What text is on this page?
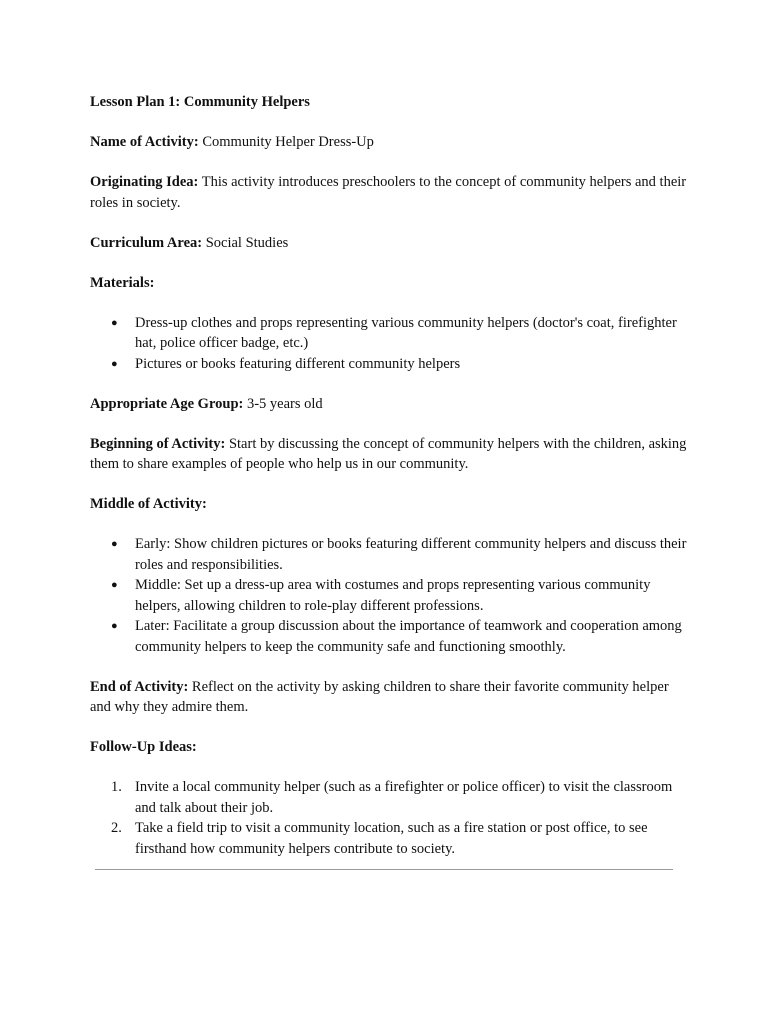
Lesson Plan 1: Community Helpers

Name of Activity: Community Helper Dress-Up

Originating Idea: This activity introduces preschoolers to the concept of community helpers and their roles in society.

Curriculum Area: Social Studies

Materials:

● Dress-up clothes and props representing various community helpers (doctor's coat, firefighter hat, police officer badge, etc.)
● Pictures or books featuring different community helpers

Appropriate Age Group: 3-5 years old

Beginning of Activity: Start by discussing the concept of community helpers with the children, asking them to share examples of people who help us in our community.

Middle of Activity:

● Early: Show children pictures or books featuring different community helpers and discuss their roles and responsibilities.
● Middle: Set up a dress-up area with costumes and props representing various community helpers, allowing children to role-play different professions.
● Later: Facilitate a group discussion about the importance of teamwork and cooperation among community helpers to keep the community safe and functioning smoothly.

End of Activity: Reflect on the activity by asking children to share their favorite community helper and why they admire them.

Follow-Up Ideas:

1. Invite a local community helper (such as a firefighter or police officer) to visit the classroom and talk about their job.
2. Take a field trip to visit a community location, such as a fire station or post office, to see firsthand how community helpers contribute to society.
